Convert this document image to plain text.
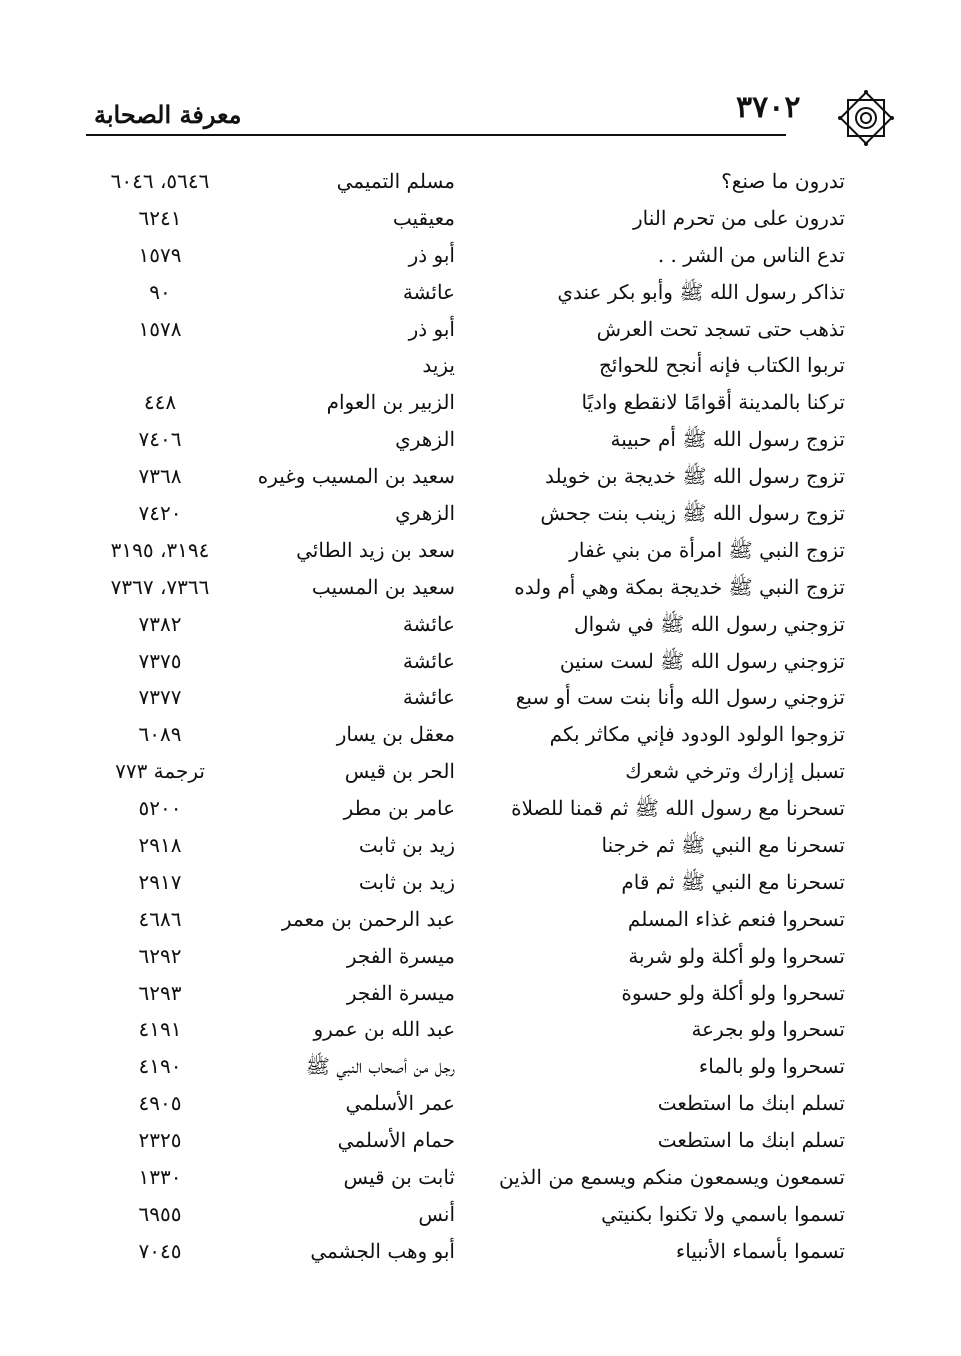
معرفة الصحابة	٣٧٠٢
تدرون ما صنع؟
مسلم التميمي
٥٦٤٦، ٦٠٤٦
تدرون على من تحرم النار
معيقيب
٦٢٤١
تدع الناس من الشر . .
أبو ذر
١٥٧٩
تذاكر رسول الله ﷺ وأبو بكر عندي
عائشة
٩٠
تذهب حتى تسجد تحت العرش
أبو ذر
١٥٧٨
تربوا الكتاب فإنه أنجح للحوائج
يزيد
تركنا بالمدينة أقوامًا لانقطع واديًا
الزبير بن العوام
٤٤٨
تزوج رسول الله ﷺ أم حبيبة
الزهري
٧٤٠٦
تزوج رسول الله ﷺ خديجة بن خويلد
سعيد بن المسيب وغيره
٧٣٦٨
تزوج رسول الله ﷺ زينب بنت جحش
الزهري
٧٤٢٠
تزوج النبي ﷺ امرأة من بني غفار
سعد بن زيد الطائي
٣١٩٤، ٣١٩٥
تزوج النبي ﷺ خديجة بمكة وهي أم ولده
سعيد بن المسيب
٧٣٦٦، ٧٣٦٧
تزوجني رسول الله ﷺ في شوال
عائشة
٧٣٨٢
تزوجني رسول الله ﷺ لست سنين
عائشة
٧٣٧٥
تزوجني رسول الله وأنا بنت ست أو سبع
عائشة
٧٣٧٧
تزوجوا الولود الودود فإني مكاثر بكم
معقل بن يسار
٦٠٨٩
تسبل إزارك وترخي شعرك
الحر بن قيس
ترجمة ٧٧٣
تسحرنا مع رسول الله ﷺ ثم قمنا للصلاة
عامر بن مطر
٥٢٠٠
تسحرنا مع النبي ﷺ ثم خرجنا
زيد بن ثابت
٢٩١٨
تسحرنا مع النبي ﷺ ثم قام
زيد بن ثابت
٢٩١٧
تسحروا فنعم غذاء المسلم
عبد الرحمن بن معمر
٤٦٨٦
تسحروا ولو أكلة ولو شربة
ميسرة الفجر
٦٢٩٢
تسحروا ولو أكلة ولو حسوة
ميسرة الفجر
٦٢٩٣
تسحروا ولو بجرعة
عبد الله بن عمرو
٤١٩١
تسحروا ولو بالماء
رجل من أصحاب النبي ﷺ
٤١٩٠
تسلم ابنك ما استطعت
عمر الأسلمي
٤٩٠٥
تسلم ابنك ما استطعت
حمام الأسلمي
٢٣٢٥
تسمعون ويسمعون منكم ويسمع من الذين
ثابت بن قيس
١٣٣٠
تسموا باسمي ولا تكنوا بكنيتي
أنس
٦٩٥٥
تسموا بأسماء الأنبياء
أبو وهب الجشمي
٧٠٤٥
